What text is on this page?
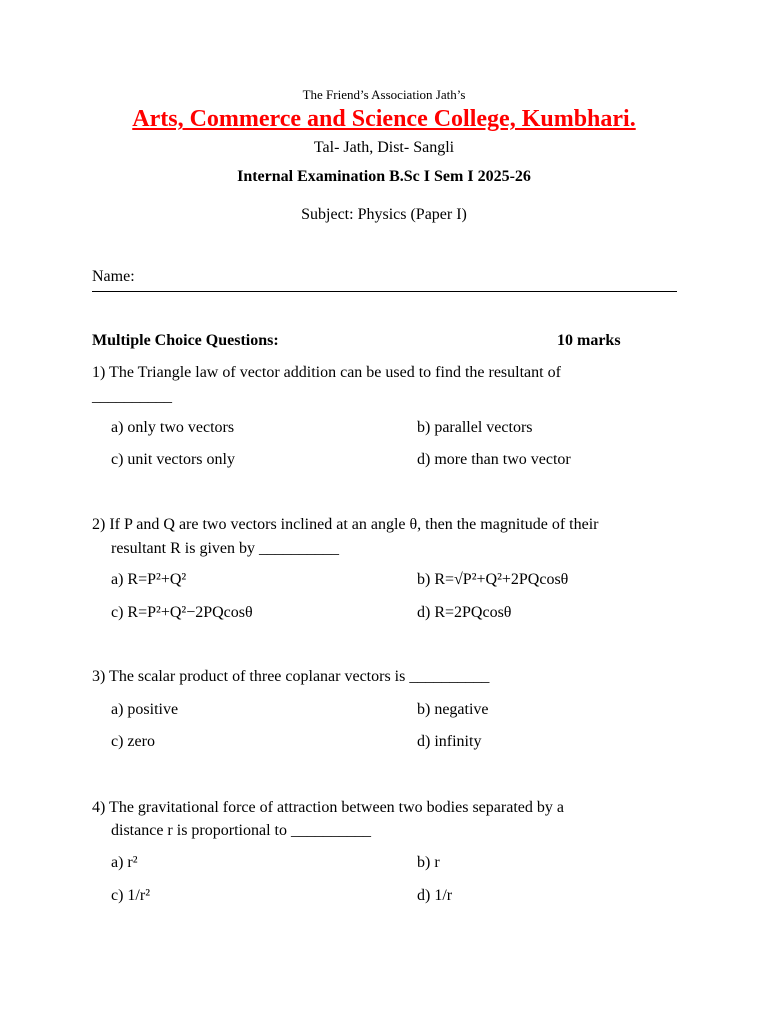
The Friend’s Association Jath’s
Arts, Commerce and Science College, Kumbhari.
Tal- Jath, Dist- Sangli
Internal Examination B.Sc I Sem I 2025-26
Subject: Physics (Paper I)
Name:
Multiple Choice Questions:	10 marks
1) The Triangle law of vector addition can be used to find the resultant of
__________
a) only two vectors	b) parallel vectors
c) unit vectors only	d) more than two vector
2) If P and Q are two vectors inclined at an angle θ, then the magnitude of their
resultant R is given by __________
a) R=P²+Q²	b) R=√P²+Q²+2PQcosθ
c) R=P²+Q²−2PQcosθ	d) R=2PQcosθ
3) The scalar product of three coplanar vectors is __________
a) positive	b) negative
c) zero	d) infinity
4) The gravitational force of attraction between two bodies separated by a
distance r is proportional to __________
a) r²	b) r
c) 1/r²	d) 1/r
